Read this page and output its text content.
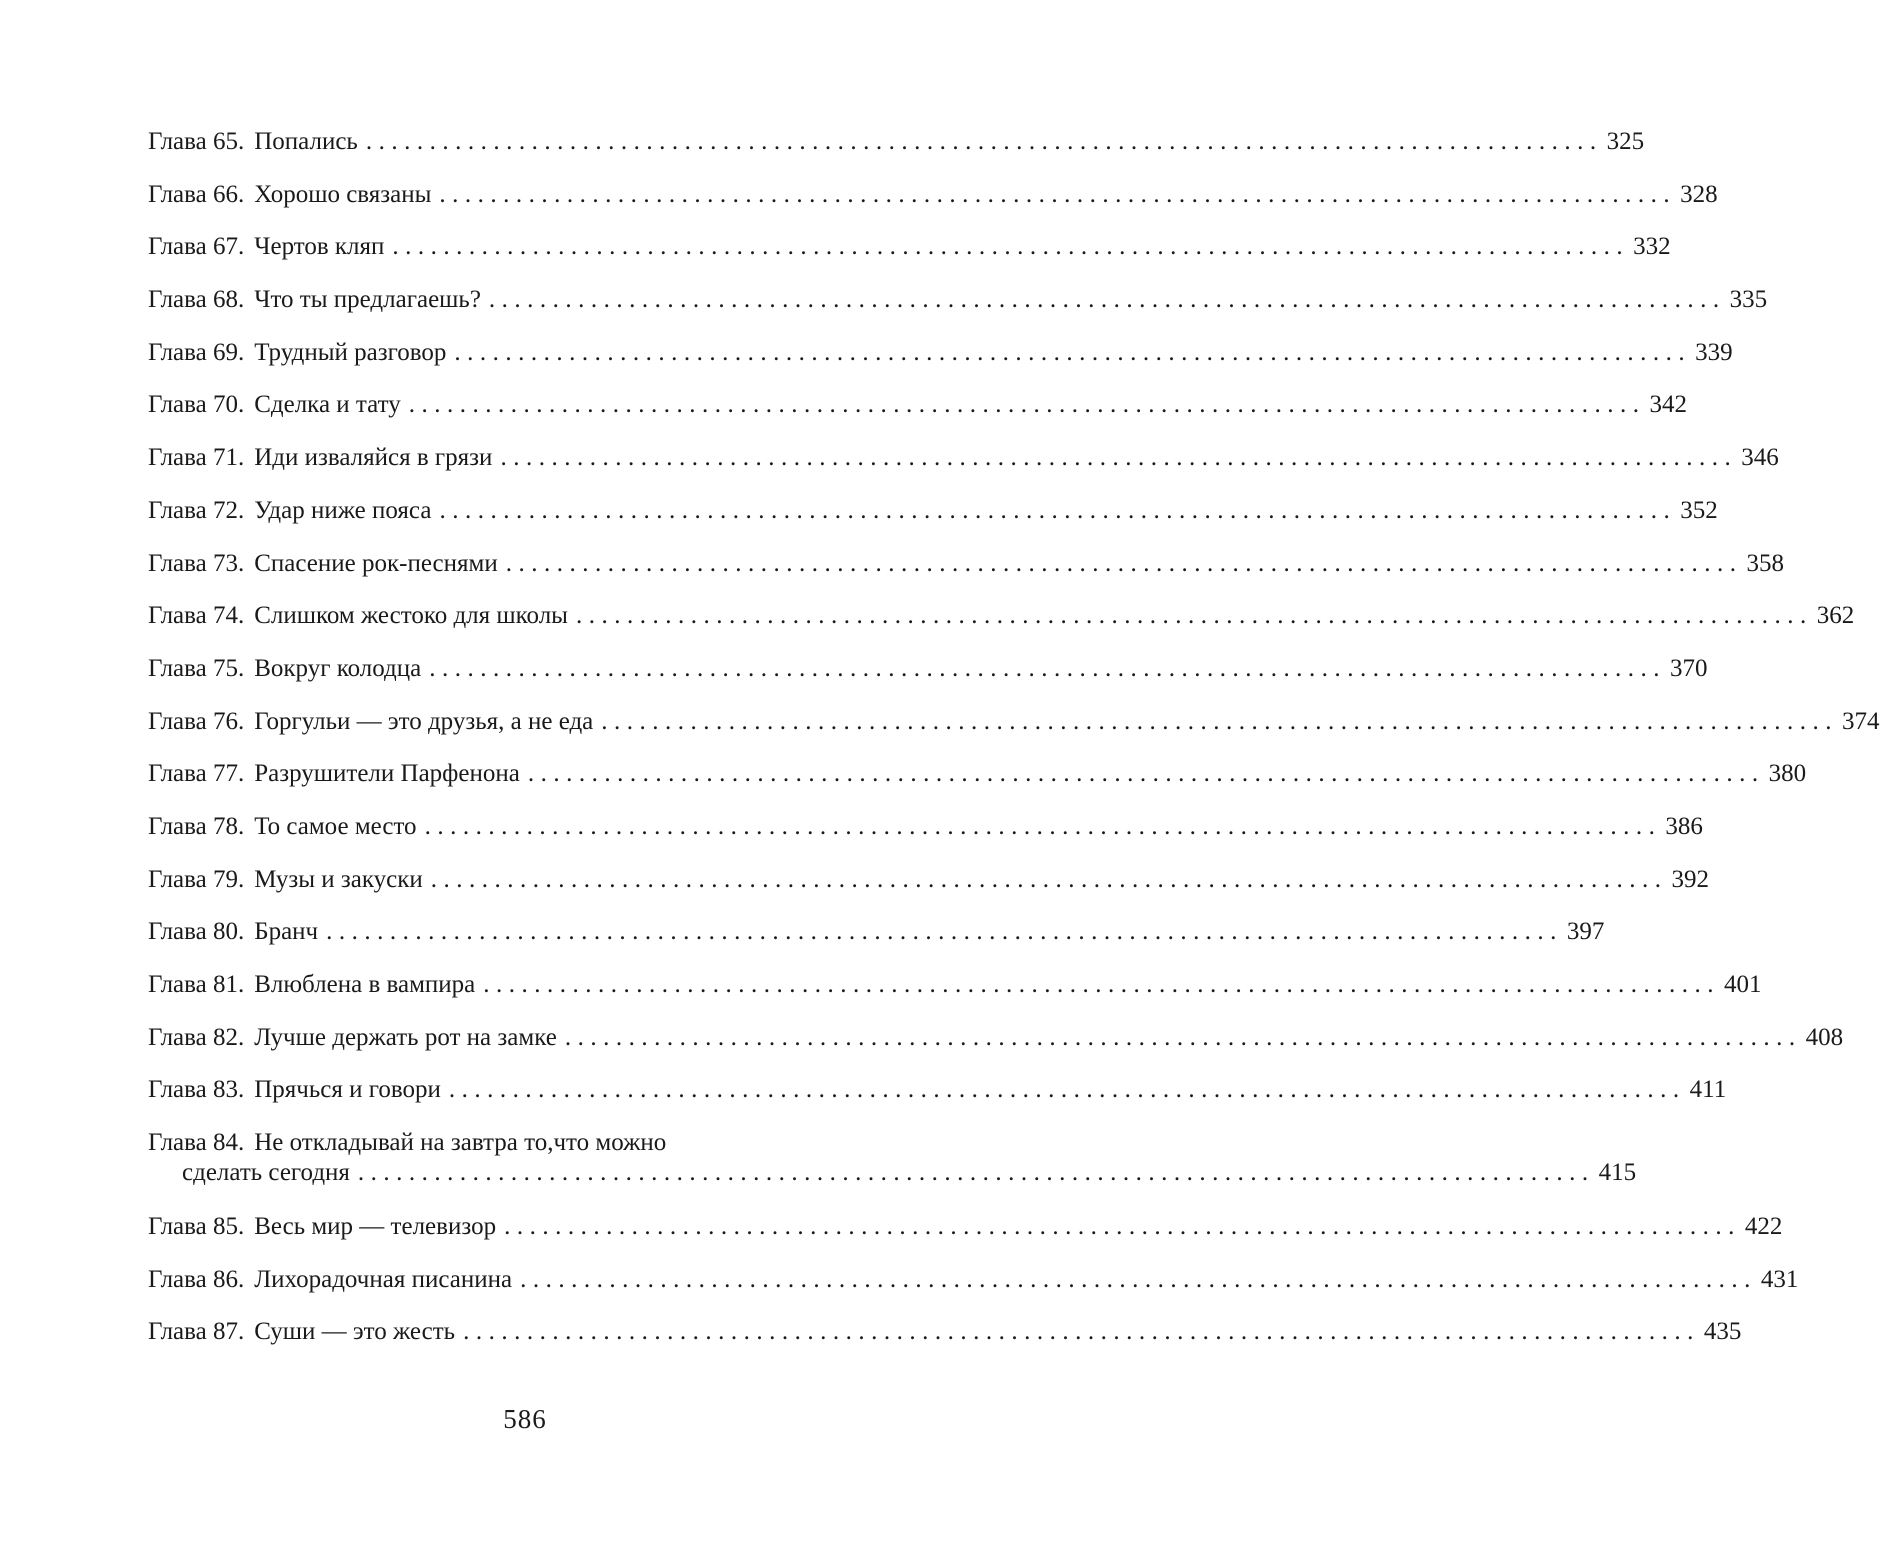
Глава 65. Попались ................................................................................................. 325
Глава 66. Хорошо связаны ................................................................................................. 328
Глава 67. Чертов кляп ................................................................................................. 332
Глава 68. Что ты предлагаешь? ................................................................................................. 335
Глава 69. Трудный разговор ................................................................................................. 339
Глава 70. Сделка и тату ................................................................................................. 342
Глава 71. Иди изваляйся в грязи ................................................................................................. 346
Глава 72. Удар ниже пояса ................................................................................................. 352
Глава 73. Спасение рок-песнями ................................................................................................. 358
Глава 74. Слишком жестоко для школы ................................................................................................. 362
Глава 75. Вокруг колодца ................................................................................................. 370
Глава 76. Горгульи — это друзья, а не еда ................................................................................................. 374
Глава 77. Разрушители Парфенона ................................................................................................. 380
Глава 78. То самое место ................................................................................................. 386
Глава 79. Музы и закуски ................................................................................................. 392
Глава 80. Бранч ................................................................................................. 397
Глава 81. Влюблена в вампира ................................................................................................. 401
Глава 82. Лучше держать рот на замке ................................................................................................. 408
Глава 83. Прячься и говори ................................................................................................. 411
Глава 84. Не откладывай на завтра то,что можно
сделать сегодня ................................................................................................. 415
Глава 85. Весь мир — телевизор ................................................................................................. 422
Глава 86. Лихорадочная писанина ................................................................................................. 431
Глава 87. Суши — это жесть ................................................................................................. 435
586
